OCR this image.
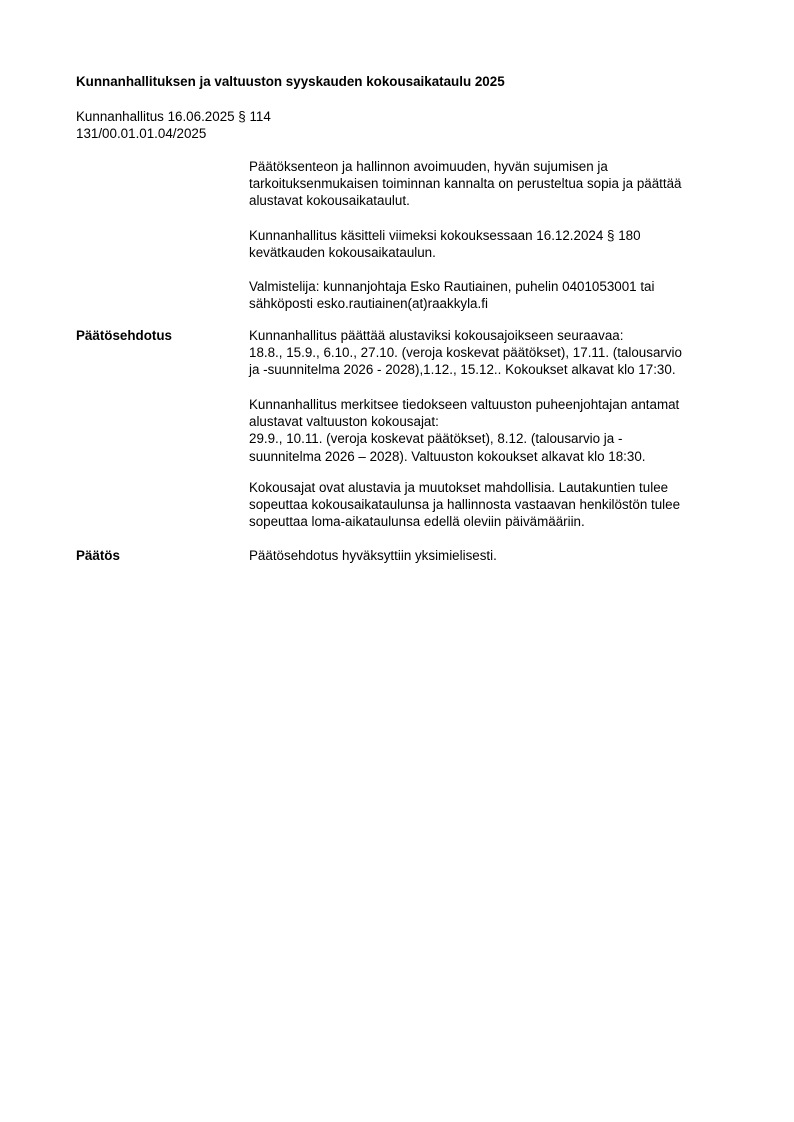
Kunnanhallituksen ja valtuuston syyskauden kokousaikataulu 2025
Kunnanhallitus 16.06.2025 § 114
131/00.01.01.04/2025
Päätöksenteon ja hallinnon avoimuuden, hyvän sujumisen ja
tarkoituksenmukaisen toiminnan kannalta on perusteltua sopia ja päättää
alustavat kokousaikataulut.
Kunnanhallitus käsitteli viimeksi kokouksessaan 16.12.2024 § 180
kevätkauden kokousaikataulun.
Valmistelija: kunnanjohtaja Esko Rautiainen, puhelin 0401053001 tai
sähköposti esko.rautiainen(at)raakkyla.fi
Päätösehdotus	Kunnanhallitus päättää alustaviksi kokousajoikseen seuraavaa:
18.8., 15.9., 6.10., 27.10. (veroja koskevat päätökset), 17.11. (talousarvio
ja -suunnitelma 2026 - 2028),1.12., 15.12.. Kokoukset alkavat klo 17:30.
Kunnanhallitus merkitsee tiedokseen valtuuston puheenjohtajan antamat
alustavat valtuuston kokousajat:
29.9., 10.11. (veroja koskevat päätökset), 8.12. (talousarvio ja -
suunnitelma 2026 – 2028). Valtuuston kokoukset alkavat klo 18:30.
Kokousajat ovat alustavia ja muutokset mahdollisia. Lautakuntien tulee
sopeuttaa kokousaikataulunsa ja hallinnosta vastaavan henkilöstön tulee
sopeuttaa loma-aikataulunsa edellä oleviin päivämääriin.
Päätös	Päätösehdotus hyväksyttiin yksimielisesti.
